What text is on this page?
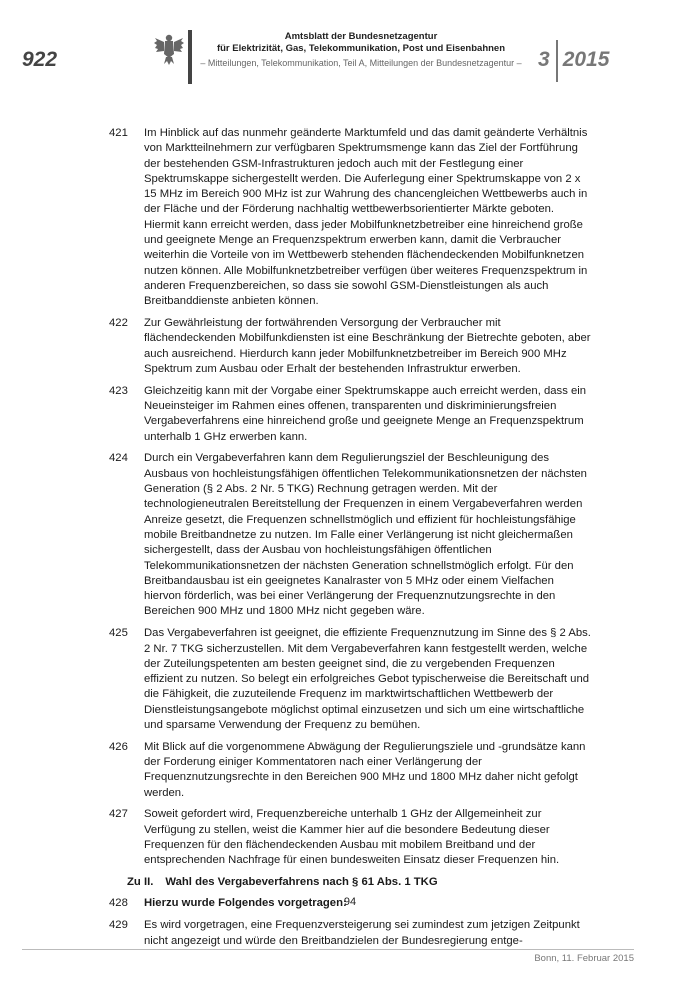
922
Amtsblatt der Bundesnetzagentur
für Elektrizität, Gas, Telekommunikation, Post und Eisenbahnen
– Mitteilungen, Telekommunikation, Teil A, Mitteilungen der Bundesnetzagentur – 3 2015
421	Im Hinblick auf das nunmehr geänderte Marktumfeld und das damit geänderte Verhältnis von Marktteilnehmern zur verfügbaren Spektrumsmenge kann das Ziel der Fortführung der bestehenden GSM-Infrastrukturen jedoch auch mit der Festlegung einer Spektrumskappe sichergestellt werden. Die Auferlegung einer Spektrumskappe von 2 x 15 MHz im Bereich 900 MHz ist zur Wahrung des chancengleichen Wettbewerbs auch in der Fläche und der Förderung nachhaltig wettbewerbsorientierter Märkte geboten. Hiermit kann erreicht werden, dass jeder Mobilfunknetzbetreiber eine hinreichend große und geeignete Menge an Frequenzspektrum erwerben kann, damit die Verbraucher weiterhin die Vorteile von im Wettbewerb stehenden flächendeckenden Mobilfunknetzen nutzen können. Alle Mobilfunknetzbetreiber verfügen über weiteres Frequenzspektrum in anderen Frequenzbereichen, so dass sie sowohl GSM-Dienstleistungen als auch Breitbanddienste anbieten können.
422	Zur Gewährleistung der fortwährenden Versorgung der Verbraucher mit flächendeckenden Mobilfunkdiensten ist eine Beschränkung der Bietrechte geboten, aber auch ausreichend. Hierdurch kann jeder Mobilfunknetzbetreiber im Bereich 900 MHz Spektrum zum Ausbau oder Erhalt der bestehenden Infrastruktur erwerben.
423	Gleichzeitig kann mit der Vorgabe einer Spektrumskappe auch erreicht werden, dass ein Neueinsteiger im Rahmen eines offenen, transparenten und diskriminierungsfreien Vergabeverfahrens eine hinreichend große und geeignete Menge an Frequenzspektrum unterhalb 1 GHz erwerben kann.
424	Durch ein Vergabeverfahren kann dem Regulierungsziel der Beschleunigung des Ausbaus von hochleistungsfähigen öffentlichen Telekommunikationsnetzen der nächsten Generation (§ 2 Abs. 2 Nr. 5 TKG) Rechnung getragen werden. Mit der technologieneutralen Bereitstellung der Frequenzen in einem Vergabeverfahren werden Anreize gesetzt, die Frequenzen schnellstmöglich und effizient für hochleistungsfähige mobile Breitbandnetze zu nutzen. Im Falle einer Verlängerung ist nicht gleichermaßen sichergestellt, dass der Ausbau von hochleistungsfähigen öffentlichen Telekommunikationsnetzen der nächsten Generation schnellstmöglich erfolgt. Für den Breitbandausbau ist ein geeignetes Kanalraster von 5 MHz oder einem Vielfachen hiervon förderlich, was bei einer Verlängerung der Frequenznutzungsrechte in den Bereichen 900 MHz und 1800 MHz nicht gegeben wäre.
425	Das Vergabeverfahren ist geeignet, die effiziente Frequenznutzung im Sinne des § 2 Abs. 2 Nr. 7 TKG sicherzustellen. Mit dem Vergabeverfahren kann festgestellt werden, welche der Zuteilungspetenten am besten geeignet sind, die zu vergebenden Frequenzen effizient zu nutzen. So belegt ein erfolgreiches Gebot typischerweise die Bereitschaft und die Fähigkeit, die zuzuteilende Frequenz im marktwirtschaftlichen Wettbewerb der Dienstleistungsangebote möglichst optimal einzusetzen und sich um eine wirtschaftliche und sparsame Verwendung der Frequenz zu bemühen.
426	Mit Blick auf die vorgenommene Abwägung der Regulierungsziele und -grundsätze kann der Forderung einiger Kommentatoren nach einer Verlängerung der Frequenznutzungsrechte in den Bereichen 900 MHz und 1800 MHz daher nicht gefolgt werden.
427	Soweit gefordert wird, Frequenzbereiche unterhalb 1 GHz der Allgemeinheit zur Verfügung zu stellen, weist die Kammer hier auf die besondere Bedeutung dieser Frequenzen für den flächendeckenden Ausbau mit mobilem Breitband und der entsprechenden Nachfrage für einen bundesweiten Einsatz dieser Frequenzen hin.
Zu II. Wahl des Vergabeverfahrens nach § 61 Abs. 1 TKG
428	Hierzu wurde Folgendes vorgetragen:
429	Es wird vorgetragen, eine Frequenzversteigerung sei zumindest zum jetzigen Zeitpunkt nicht angezeigt und würde den Breitbandzielen der Bundesregierung entge-
94
Bonn, 11. Februar 2015
